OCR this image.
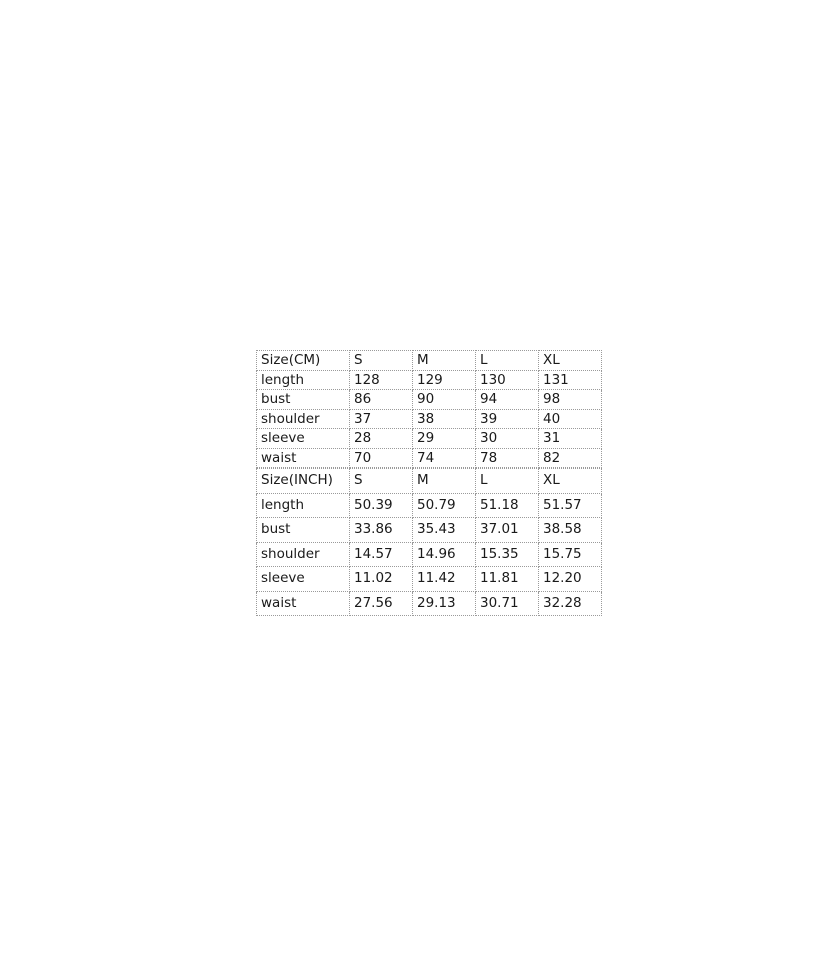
Size(CM)	S	M	L	XL
length	128	129	130	131
bust	86	90	94	98
shoulder	37	38	39	40
sleeve	28	29	30	31
waist	70	74	78	82
Size(INCH)	S	M	L	XL
length	50.39	50.79	51.18	51.57
bust	33.86	35.43	37.01	38.58
shoulder	14.57	14.96	15.35	15.75
sleeve	11.02	11.42	11.81	12.20
waist	27.56	29.13	30.71	32.28
